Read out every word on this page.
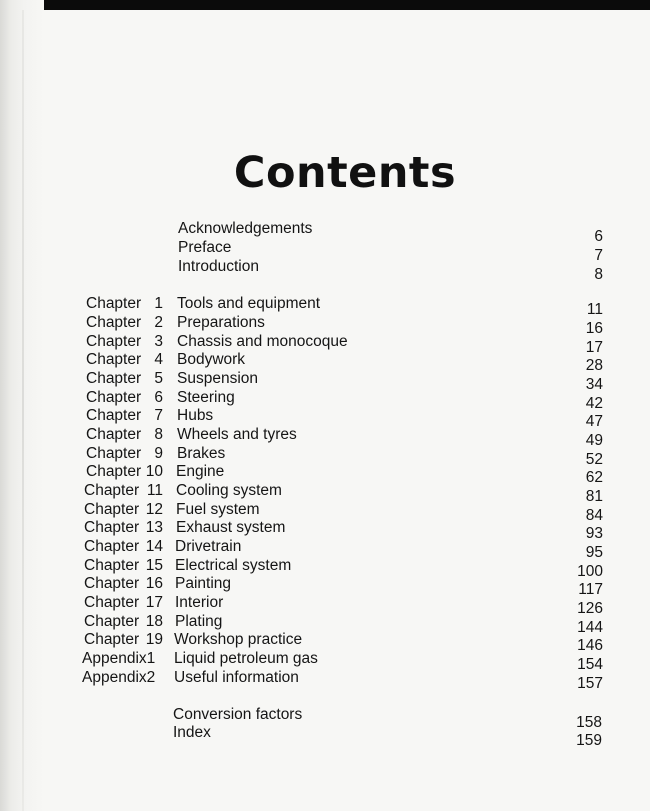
Contents
Acknowledgements	6
Preface	7
Introduction	8
Chapter 1 Tools and equipment	11
Chapter 2 Preparations	16
Chapter 3 Chassis and monocoque	17
Chapter 4 Bodywork	28
Chapter 5 Suspension	34
Chapter 6 Steering	42
Chapter 7 Hubs	47
Chapter 8 Wheels and tyres	49
Chapter 9 Brakes	52
Chapter 10 Engine	62
Chapter 11 Cooling system	81
Chapter 12 Fuel system	84
Chapter 13 Exhaust system	93
Chapter 14 Drivetrain	95
Chapter 15 Electrical system	100
Chapter 16 Painting	117
Chapter 17 Interior	126
Chapter 18 Plating	144
Chapter 19 Workshop practice	146
Appendix1 Liquid petroleum gas	154
Appendix2 Useful information	157
Conversion factors	158
Index	159
